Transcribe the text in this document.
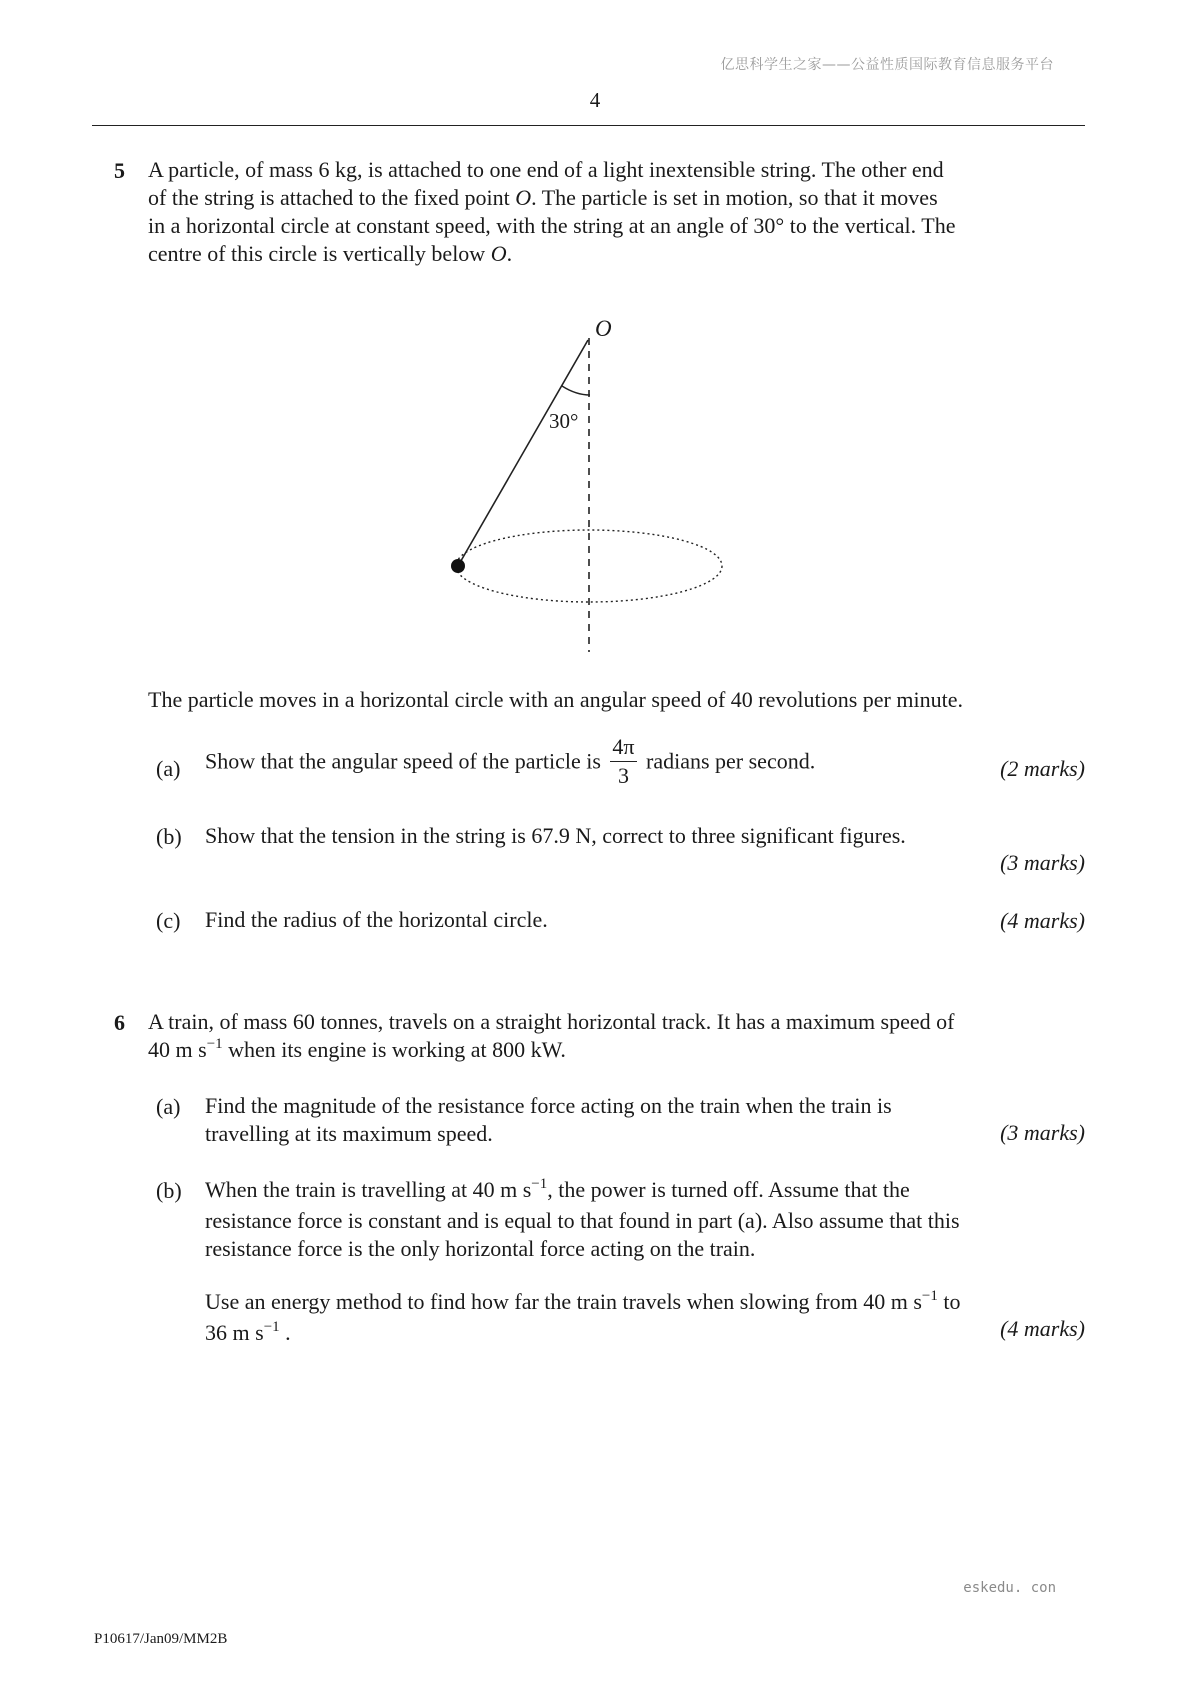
亿思科学生之家——公益性质国际教育信息服务平台
4
5 A particle, of mass 6 kg, is attached to one end of a light inextensible string. The other end
of the string is attached to the fixed point O. The particle is set in motion, so that it moves
in a horizontal circle at constant speed, with the string at an angle of 30° to the vertical. The
centre of this circle is vertically below O.
O
30°
The particle moves in a horizontal circle with an angular speed of 40 revolutions per minute.
(a) Show that the angular speed of the particle is $\frac{4\pi}{3}$ radians per second.	(2 marks)
(b) Show that the tension in the string is 67.9 N, correct to three significant figures.
(3 marks)
(c) Find the radius of the horizontal circle.	(4 marks)
6 A train, of mass 60 tonnes, travels on a straight horizontal track. It has a maximum speed of
40 m $s^{-1}$ when its engine is working at 800 kW.
(a) Find the magnitude of the resistance force acting on the train when the train is
travelling at its maximum speed.	(3 marks)
(b) When the train is travelling at 40 m $s^{-1}$, the power is turned off. Assume that the
resistance force is constant and is equal to that found in part (a). Also assume that this
resistance force is the only horizontal force acting on the train.
Use an energy method to find how far the train travels when slowing from 40 m $s^{-1}$ to
36 m $s^{-1}$ .	(4 marks)
eskedu. con
P10617/Jan09/MM2B
